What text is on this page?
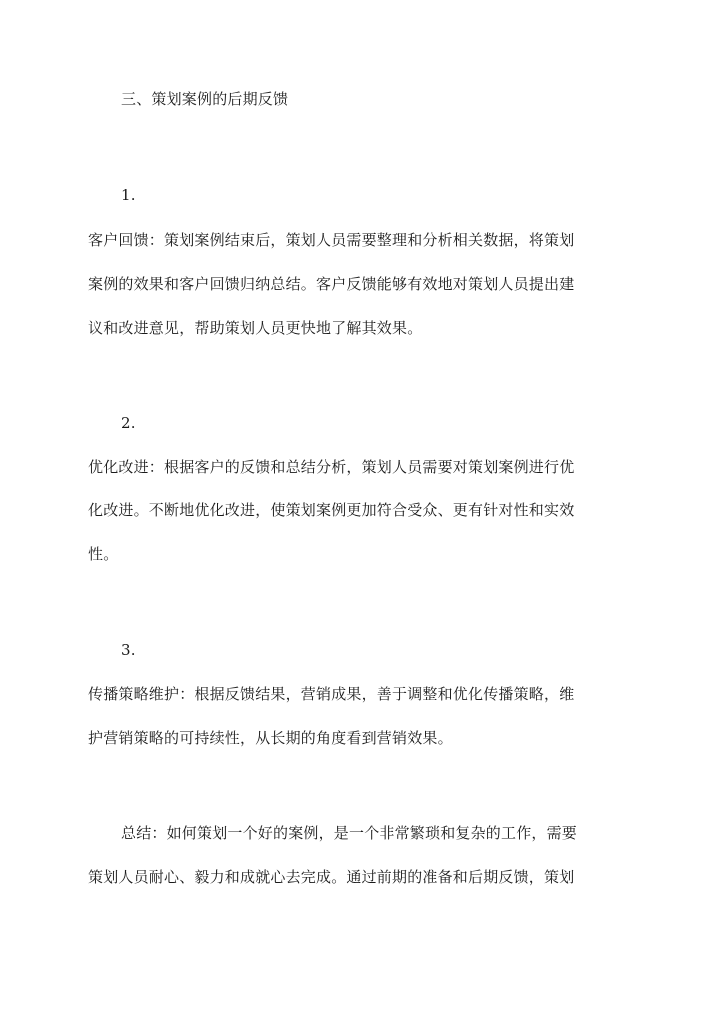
三、策划案例的后期反馈
1.
客户回馈：策划案例结束后，策划人员需要整理和分析相关数据，将策划
案例的效果和客户回馈归纳总结。客户反馈能够有效地对策划人员提出建
议和改进意见，帮助策划人员更快地了解其效果。
2.
优化改进：根据客户的反馈和总结分析，策划人员需要对策划案例进行优
化改进。不断地优化改进，使策划案例更加符合受众、更有针对性和实效
性。
3.
传播策略维护：根据反馈结果，营销成果，善于调整和优化传播策略，维
护营销策略的可持续性，从长期的角度看到营销效果。
总结：如何策划一个好的案例，是一个非常繁琐和复杂的工作，需要
策划人员耐心、毅力和成就心去完成。通过前期的准备和后期反馈，策划
